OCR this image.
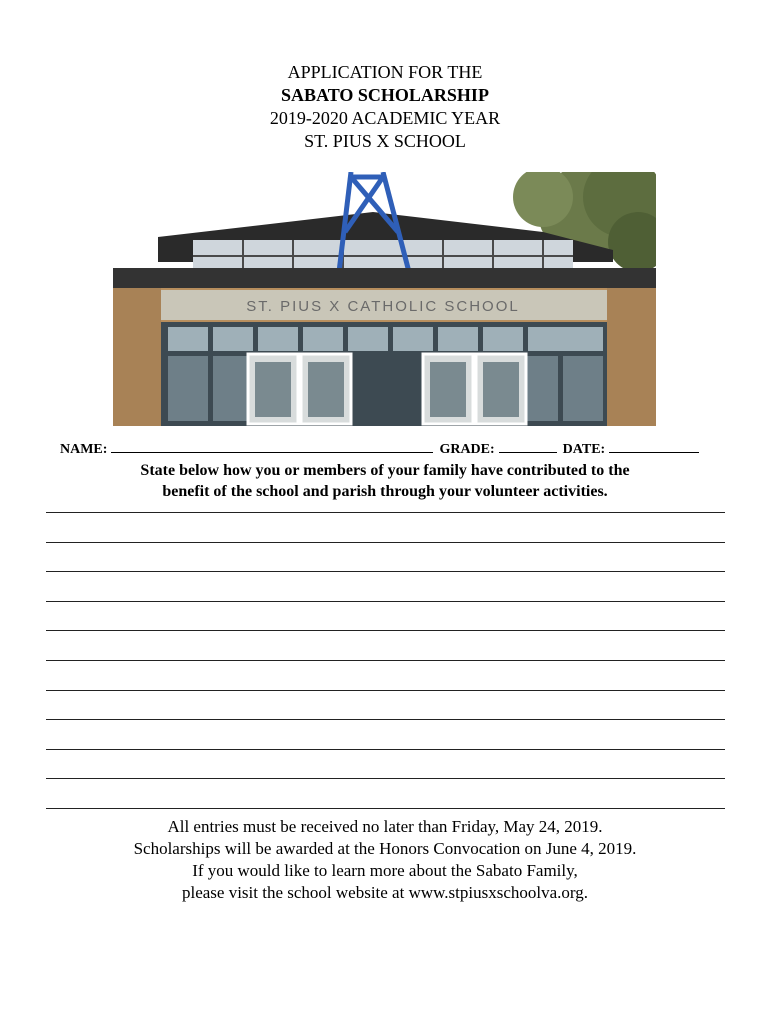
APPLICATION FOR THE
SABATO SCHOLARSHIP
2019-2020 ACADEMIC YEAR
ST. PIUS X SCHOOL
ST. PIUS X CATHOLIC SCHOOL
NAME:	GRADE:	DATE:
State below how you or members of your family have contributed to the
benefit of the school and parish through your volunteer activities.
All entries must be received no later than Friday, May 24, 2019.
Scholarships will be awarded at the Honors Convocation on June 4, 2019.
If you would like to learn more about the Sabato Family,
please visit the school website at www.stpiusxschoolva.org.
